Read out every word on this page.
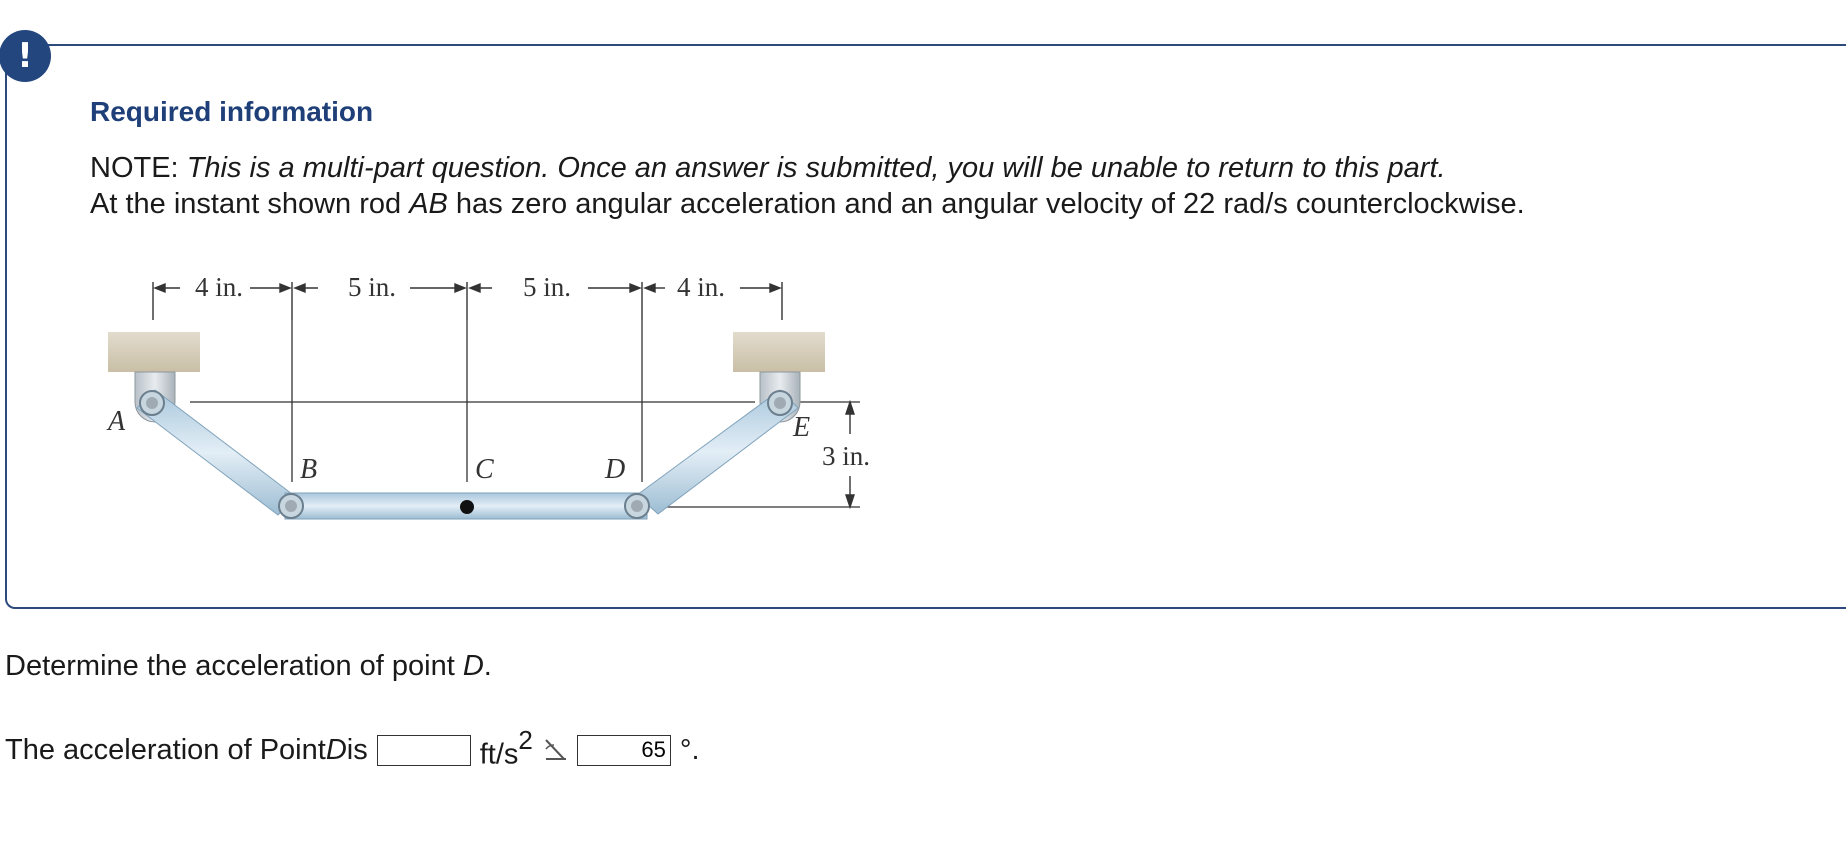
!
Required information

NOTE: This is a multi-part question. Once an answer is submitted, you will be unable to return to this part.

At the instant shown rod AB has zero angular acceleration and an angular velocity of 22 rad/s counterclockwise.

4 in.	5 in.	5 in.	4 in.
3 in.
A
B	C	D
E

Determine the acceleration of point D.

The acceleration of Point D is	$ft/s^2$
65	°.
